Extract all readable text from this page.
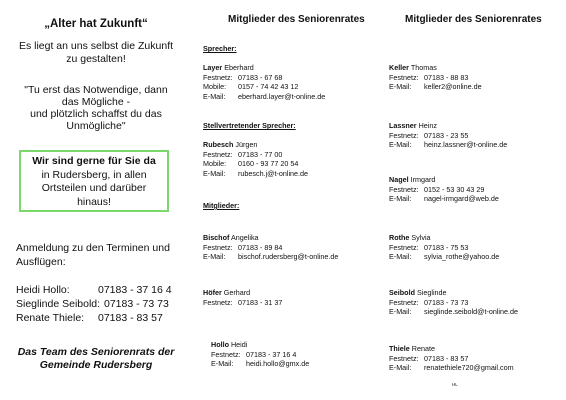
„Alter hat Zukunft“
Es liegt an uns selbst die Zukunft
zu gestalten!
"Tu erst das Notwendige, dann
das Mögliche -
und plötzlich schaffst du das
Unmögliche"
Wir sind gerne für Sie da
in Rudersberg, in allen
Ortsteilen und darüber
hinaus!
Anmeldung zu den Terminen und
Ausflügen:
Heidi Hollo:	07183 - 37 16 4
Sieglinde Seibold: 07183 - 73 73
Renate Thiele: 07183 - 83 57
Das Team des Seniorenrats der
Gemeinde Rudersberg
Mitglieder des Seniorenrates
Sprecher:
Layer Eberhard
Festnetz: 07183 - 67 68
Mobile: 0157 - 74 42 43 12
E-Mail: eberhard.layer@t-online.de
Stellvertretender Sprecher:
Rubesch Jürgen
Festnetz: 07183 - 77 00
Mobile: 0160 - 93 77 20 54
E-Mail: rubesch.j@t-online.de
Mitglieder:
Bischof Angelika
Festnetz: 07183 - 89 84
E-Mail: bischof.rudersberg@t-online.de
Höfer Gerhard
Festnetz: 07183 - 31 37
Hollo Heidi
Festnetz: 07183 - 37 16 4
E-Mail: heidi.hollo@gmx.de
Mitglieder des Seniorenrates
Keller Thomas
Festnetz: 07183 - 88 83
E-Mail: keller2@online.de
Lassner Heinz
Festnetz: 07183 - 23 55
E-Mail: heinz.lassner@t-online.de
Nagel Irmgard
Festnetz: 0152 - 53 30 43 29
E-Mail: nagel-irmgard@web.de
Rothe Sylvia
Festnetz: 07183 - 75 53
E-Mail: sylvia_rothe@yahoo.de
Seibold Sieglinde
Festnetz: 07183 - 73 73
E-Mail: sieglinde.seibold@t-online.de
Thiele Renate
Festnetz: 07183 - 83 57
E-Mail: renatethiele720@gmail.com
HL
